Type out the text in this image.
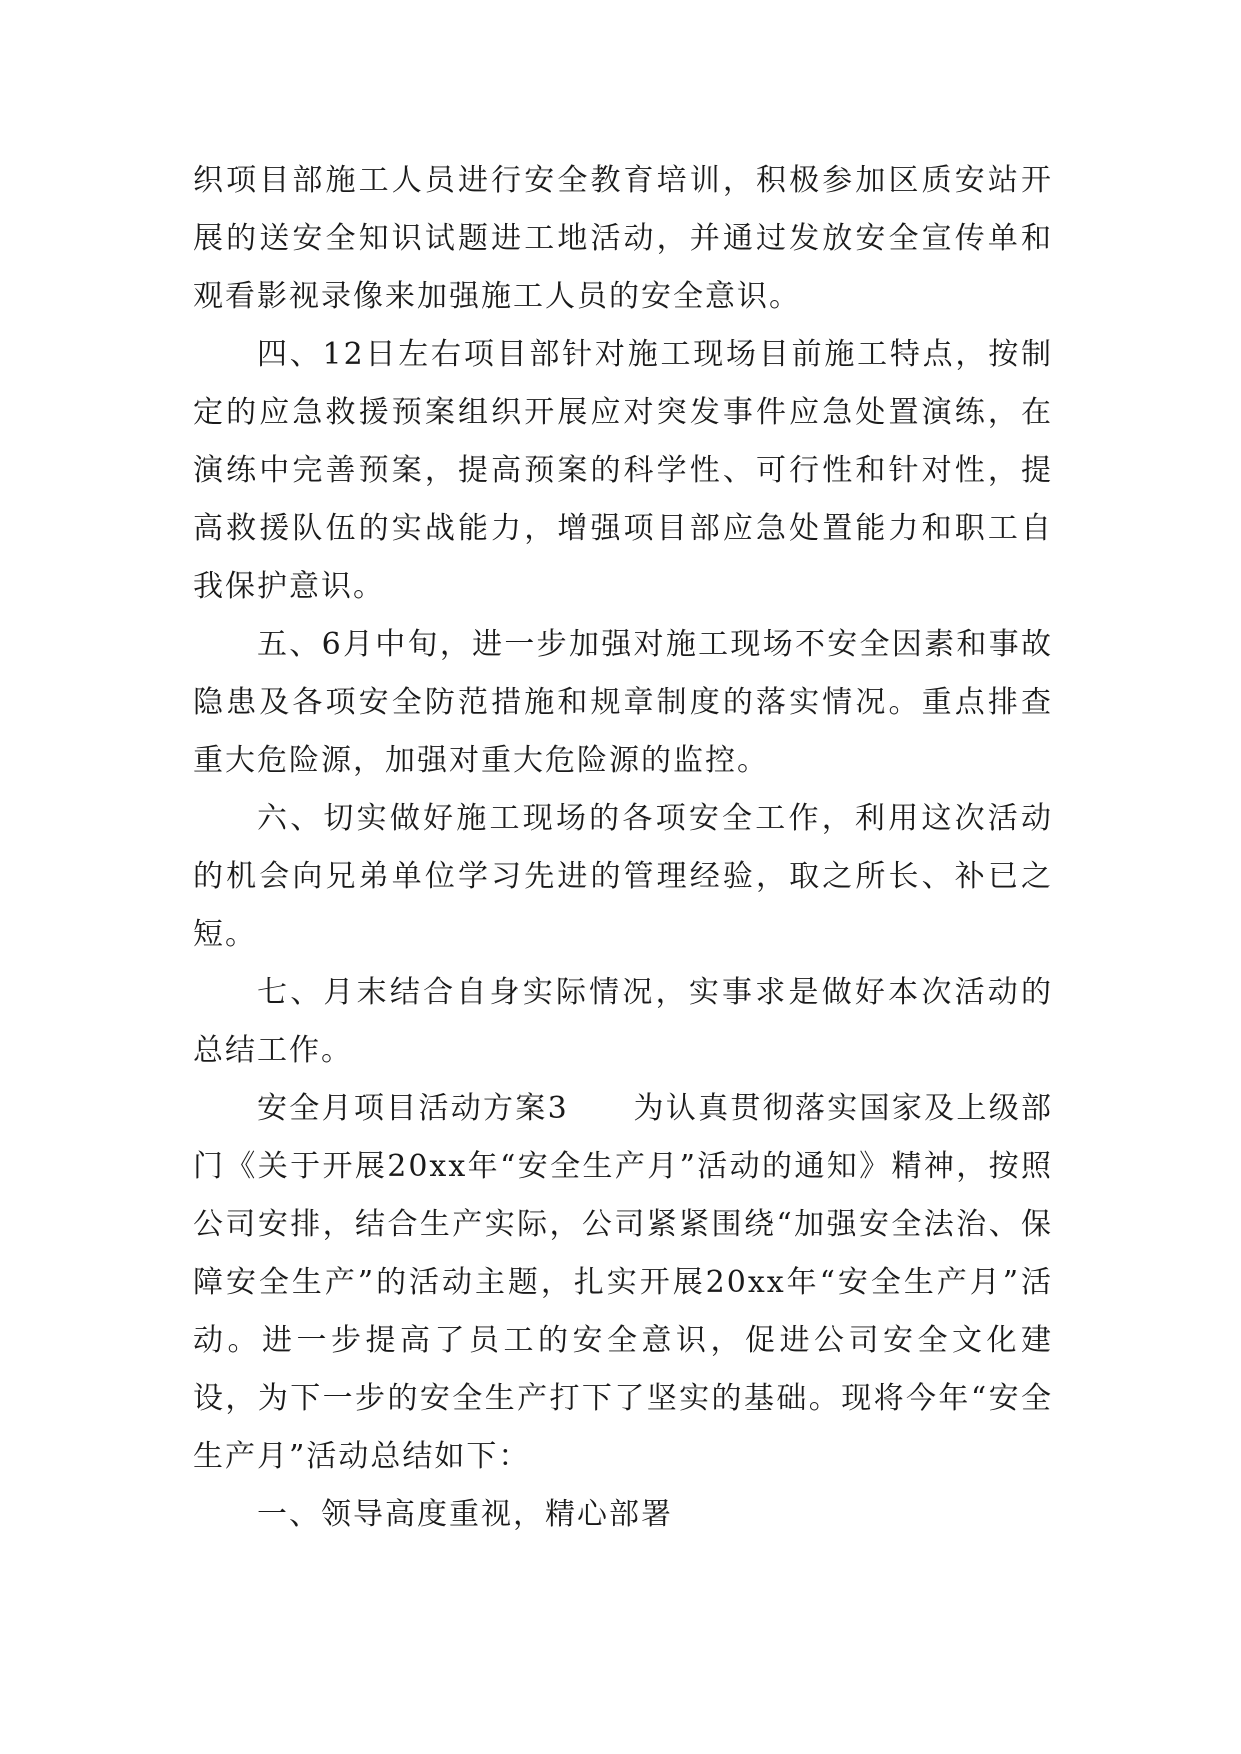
织项目部施工人员进行安全教育培训，积极参加区质安站开展的送安全知识试题进工地活动，并通过发放安全宣传单和观看影视录像来加强施工人员的安全意识。

四、12日左右项目部针对施工现场目前施工特点，按制定的应急救援预案组织开展应对突发事件应急处置演练，在演练中完善预案，提高预案的科学性、可行性和针对性，提高救援队伍的实战能力，增强项目部应急处置能力和职工自我保护意识。

五、6月中旬，进一步加强对施工现场不安全因素和事故隐患及各项安全防范措施和规章制度的落实情况。重点排查重大危险源，加强对重大危险源的监控。

六、切实做好施工现场的各项安全工作，利用这次活动的机会向兄弟单位学习先进的管理经验，取之所长、补已之短。

七、月末结合自身实际情况，实事求是做好本次活动的总结工作。

安全月项目活动方案3　　为认真贯彻落实国家及上级部门《关于开展20xx年“安全生产月”活动的通知》精神，按照公司安排，结合生产实际，公司紧紧围绕“加强安全法治、保障安全生产”的活动主题，扎实开展20xx年“安全生产月”活动。进一步提高了员工的安全意识，促进公司安全文化建设，为下一步的安全生产打下了坚实的基础。现将今年“安全生产月”活动总结如下：

一、领导高度重视，精心部署
